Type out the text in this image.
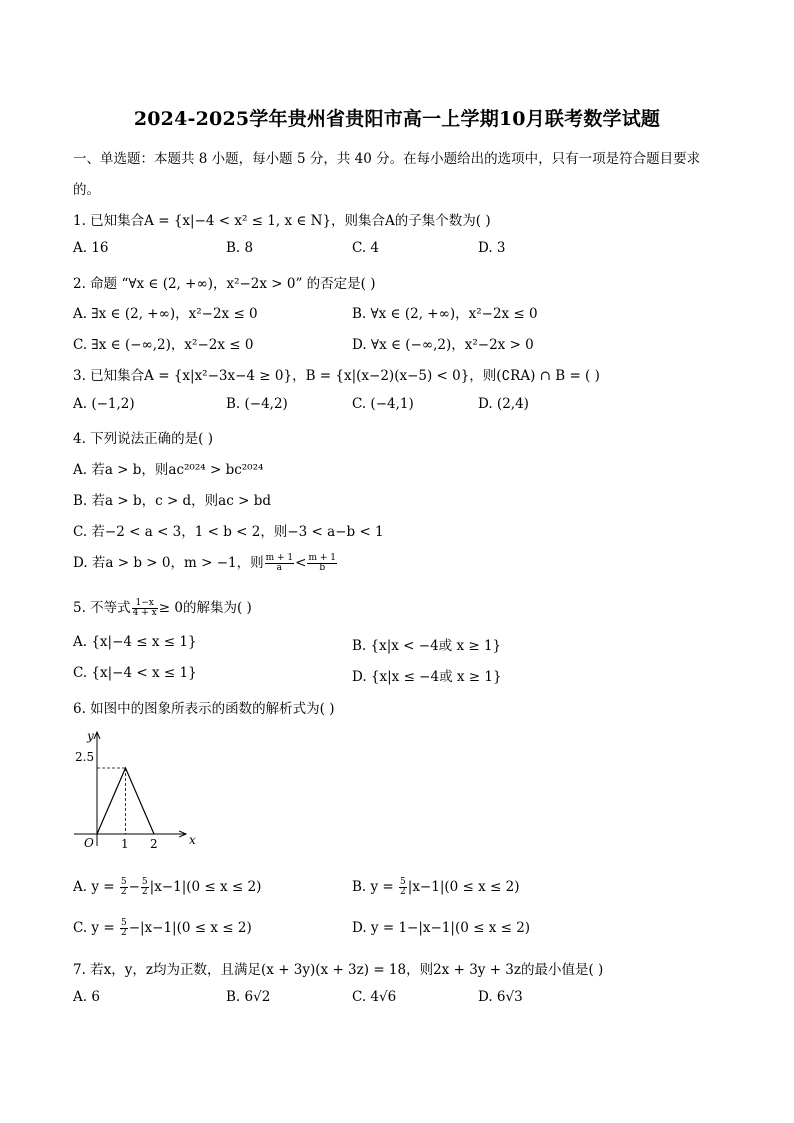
2024-2025学年贵州省贵阳市高一上学期10月联考数学试题
一、单选题：本题共 8 小题，每小题 5 分，共 40 分。在每小题给出的选项中，只有一项是符合题目要求
的。
1. 已知集合A = {x|−4 < x² ≤ 1, x ∈ N}，则集合A的子集个数为( )
A. 16	B. 8	C. 4	D. 3
2. 命题 “∀x ∈ (2, +∞)，x²−2x > 0” 的否定是( )
A. ∃x ∈ (2, +∞)，x²−2x ≤ 0	B. ∀x ∈ (2, +∞)，x²−2x ≤ 0
C. ∃x ∈ (−∞,2)，x²−2x ≤ 0	D. ∀x ∈ (−∞,2)，x²−2x > 0
3. 已知集合A = {x|x²−3x−4 ≥ 0}，B = {x|(x−2)(x−5) < 0}，则(∁RA) ∩ B = ( )
A. (−1,2)	B. (−4,2)	C. (−4,1)	D. (2,4)
4. 下列说法正确的是( )
A. 若a > b，则ac²⁰²⁴ > bc²⁰²⁴
B. 若a > b，c > d，则ac > bd
C. 若−2 < a < 3，1 < b < 2，则−3 < a−b < 1
D. 若a > b > 0，m > −1，则 $\frac{m + 1}{a} < \frac{m + 1}{b}$
5. 不等式 $\frac{1-x}{4 + x} \ge 0$的解集为( )
A. {x|−4 ≤ x ≤ 1}	B. {x|x < −4或 x ≥ 1}
C. {x|−4 < x ≤ 1}	D. {x|x ≤ −4或 x ≥ 1}
6. 如图中的图象所表示的函数的解析式为( )
y
x
O
2.5
1 2
A. $y = \frac{5}{2} - \frac{5}{2} |x-1|(0 \le x \le 2)$	B. $y = \frac{5}{2} |x-1|(0 \le x \le 2)$
C. $y = \frac{5}{2} -|x-1|(0 \le x \le 2)$	D. y = 1−|x−1|(0 ≤ x ≤ 2)
7. 若x，y，z均为正数，且满足(x + 3y)(x + 3z) = 18，则2x + 3y + 3z的最小值是( )
A. 6	B. 6√2	C. 4√6	D. 6√3
